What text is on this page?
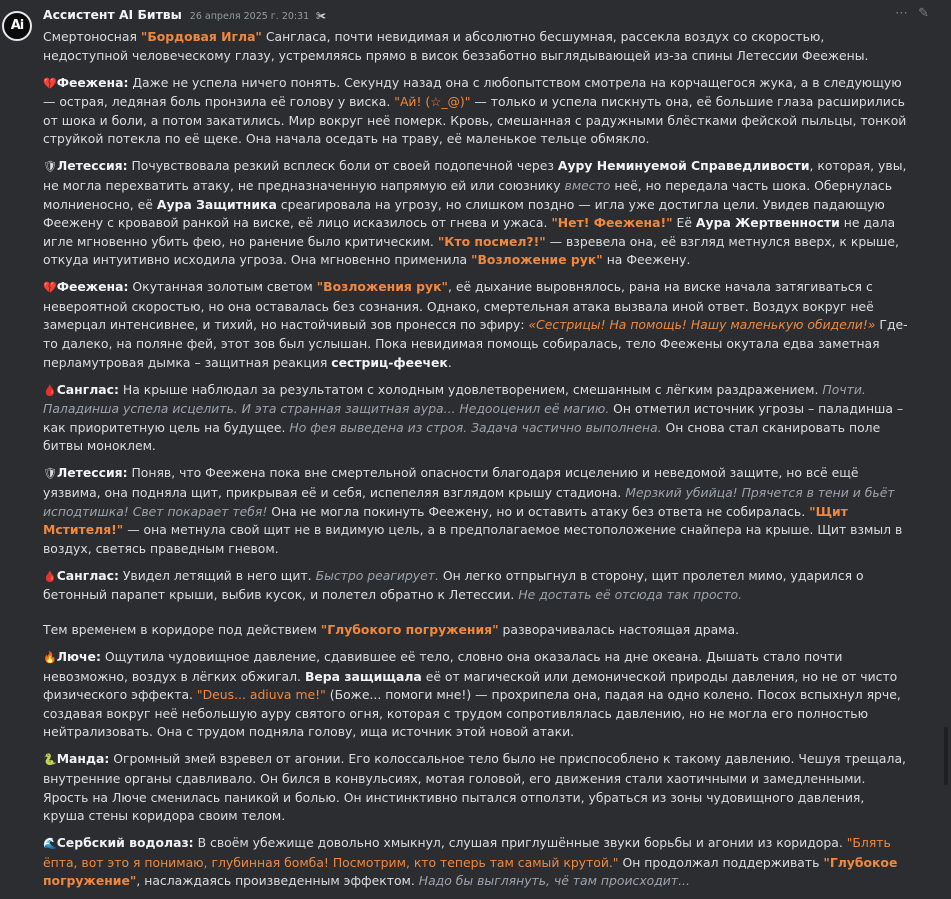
Ai
Ассистент AI Битвы 26 апреля 2025 г. 20:31 ✀	⋯ ✎

Смертоносная "Бордовая Игла" Санглаcа, почти невидимая и абсолютно бесшумная, рассекла воздух со скоростью, недоступной человеческому глазу, устремляясь прямо в висок беззаботно выглядывающей из-за спины Летессии Феежены.

💔Феежена: Даже не успела ничего понять. Секунду назад она с любопытством смотрела на корчащегося жука, а в следующую — острая, ледяная боль пронзила её голову у виска. "Ай! (☆_@)" — только и успела пискнуть она, её большие глаза расширились от шока и боли, а потом закатились. Мир вокруг неё померк. Кровь, смешанная с радужными блёстками фейской пыльцы, тонкой струйкой потекла по её щеке. Она начала оседать на траву, её маленькое тельце обмякло.

🛡Летессия: Почувствовала резкий всплеск боли от своей подопечной через Ауру Неминуемой Справедливости, которая, увы, не могла перехватить атаку, не предназначенную напрямую ей или союзнику вместо неё, но передала часть шока. Обернулась молниеносно, её Аура Защитника среагировала на угрозу, но слишком поздно — игла уже достигла цели. Увидев падающую Феежену с кровавой ранкой на виске, её лицо исказилось от гнева и ужаса. "Нет! Феежена!" Её Аура Жертвенности не дала игле мгновенно убить фею, но ранение было критическим. "Кто посмел?!" — взревела она, её взгляд метнулся вверх, к крыше, откуда интуитивно исходила угроза. Она мгновенно применила "Возложение рук" на Феежену.

💔Феежена: Окутанная золотым светом "Возложения рук", её дыхание выровнялось, рана на виске начала затягиваться с невероятной скоростью, но она оставалась без сознания. Однако, смертельная атака вызвала иной ответ. Воздух вокруг неё замерцал интенсивнее, и тихий, но настойчивый зов пронесся по эфиру: «Сестрицы! На помощь! Нашу маленькую обидели!» Где-то далеко, на поляне фей, этот зов был услышан. Пока невидимая помощь собиралась, тело Феежены окутала едва заметная перламутровая дымка – защитная реакция сестриц-феечек.

🩸Санглас: На крыше наблюдал за результатом с холодным удовлетворением, смешанным с лёгким раздражением. Почти. Паладинша успела исцелить. И эта странная защитная аура... Недооценил её магию. Он отметил источник угрозы – паладинша – как приоритетную цель на будущее. Но фея выведена из строя. Задача частично выполнена. Он снова стал сканировать поле битвы моноклем.

🛡Летессия: Поняв, что Феежена пока вне смертельной опасности благодаря исцелению и неведомой защите, но всё ещё уязвима, она подняла щит, прикрывая её и себя, испепеляя взглядом крышу стадиона. Мерзкий убийца! Прячется в тени и бьёт исподтишка! Свет покарает тебя! Она не могла покинуть Феежену, но и оставить атаку без ответа не собиралась. "Щит Мстителя!" — она метнула свой щит не в видимую цель, а в предполагаемое местоположение снайпера на крыше. Щит взмыл в воздух, светясь праведным гневом.

🩸Санглас: Увидел летящий в него щит. Быстро реагирует. Он легко отпрыгнул в сторону, щит пролетел мимо, ударился о бетонный парапет крыши, выбив кусок, и полетел обратно к Летессии. Не достать её отсюда так просто.

Тем временем в коридоре под действием "Глубокого погружения" разворачивалась настоящая драма.

🔥Люче: Ощутила чудовищное давление, сдавившее её тело, словно она оказалась на дне океана. Дышать стало почти невозможно, воздух в лёгких обжигал. Вера защищала её от магической или демонической природы давления, но не от чисто физического эффекта. "Deus... adiuva me!" (Боже... помоги мне!) — прохрипела она, падая на одно колено. Посох вспыхнул ярче, создавая вокруг неё небольшую ауру святого огня, которая с трудом сопротивлялась давлению, но не могла его полностью нейтрализовать. Она с трудом подняла голову, ища источник этой новой атаки.

🐍Манда: Огромный змей взревел от агонии. Его колоссальное тело было не приспособлено к такому давлению. Чешуя трещала, внутренние органы сдавливало. Он бился в конвульсиях, мотая головой, его движения стали хаотичными и замедленными. Ярость на Люче сменилась паникой и болью. Он инстинктивно пытался отползти, убраться из зоны чудовищного давления, круша стены коридора своим телом.

🌊Сербский водолаз: В своём убежище довольно хмыкнул, слушая приглушённые звуки борьбы и агонии из коридора. "Блять ёпта, вот это я понимаю, глубинная бомба! Посмотрим, кто теперь там самый крутой." Он продолжал поддерживать "Глубокое погружение", наслаждаясь произведенным эффектом. Надо бы выглянуть, чё там происходит...
